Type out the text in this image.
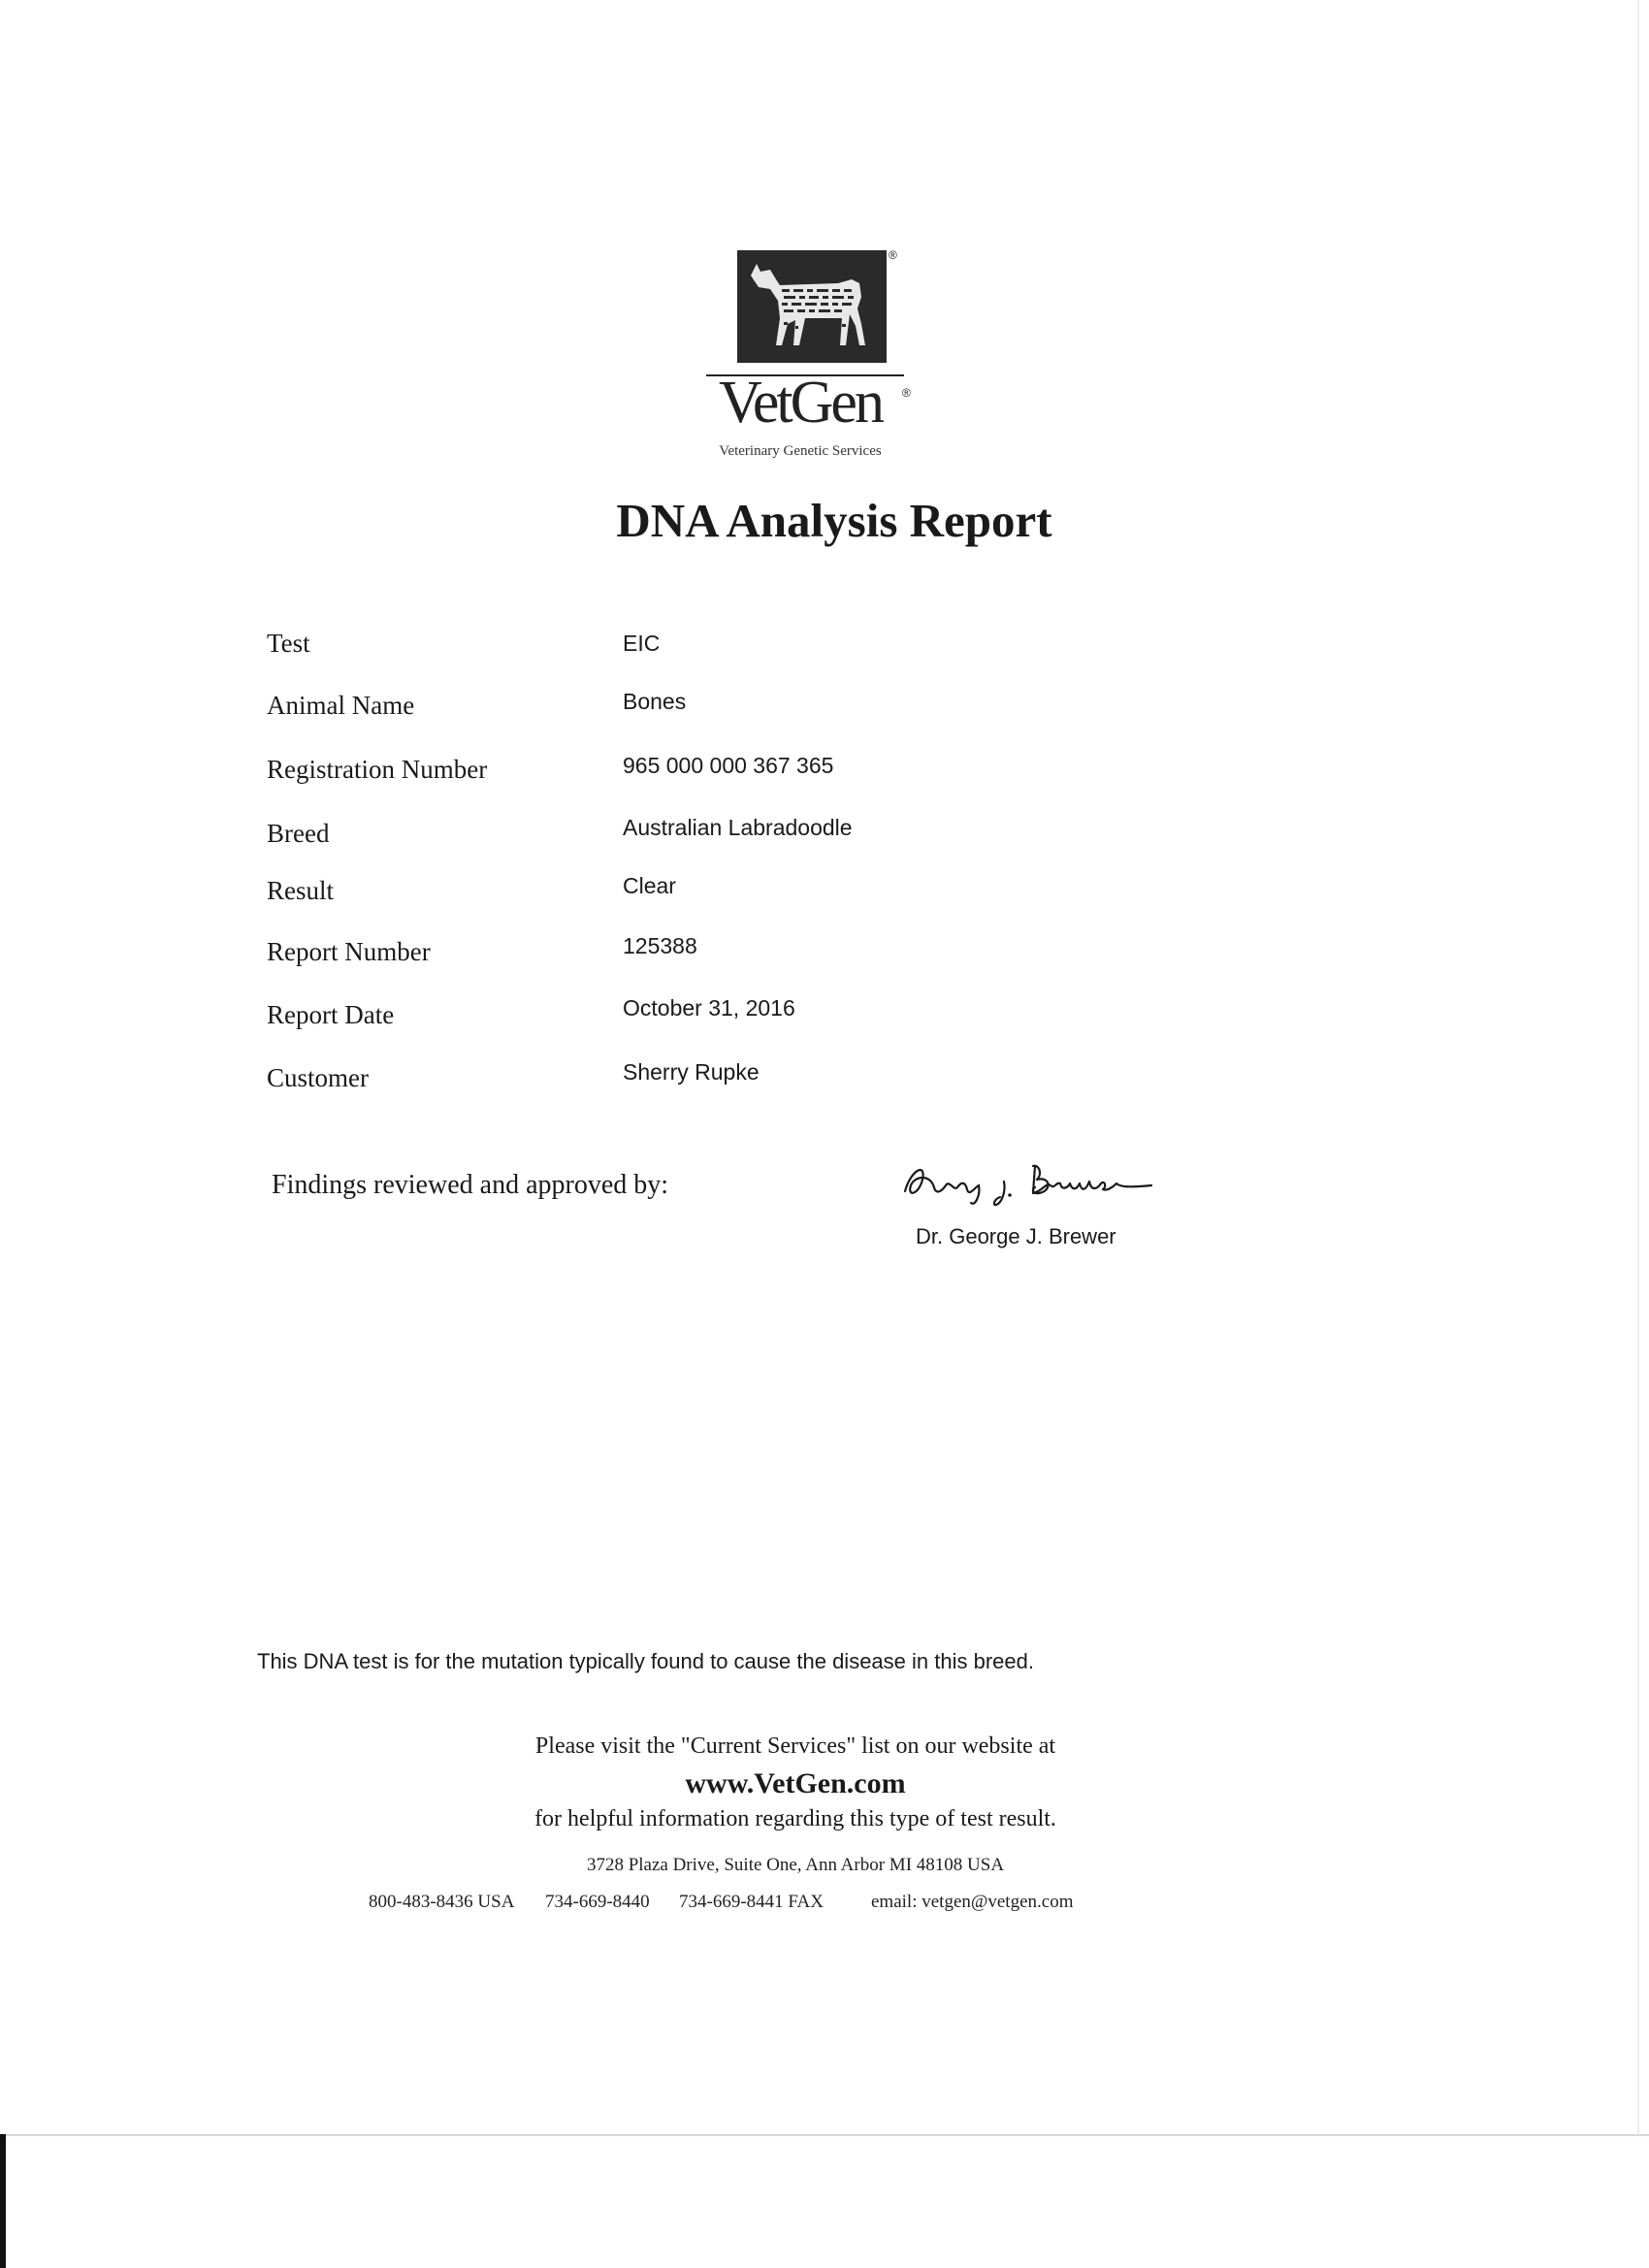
®
VetGen	®
Veterinary Genetic Services
DNA Analysis Report
Test	EIC
Animal Name	Bones
Registration Number	965 000 000 367 365
Breed	Australian Labradoodle
Result	Clear
Report Number	125388
Report Date	October 31, 2016
Customer	Sherry Rupke
Findings reviewed and approved by:
Dr. George J. Brewer
This DNA test is for the mutation typically found to cause the disease in this breed.
Please visit the "Current Services" list on our website at
www.VetGen.com
for helpful information regarding this type of test result.
3728 Plaza Drive, Suite One, Ann Arbor MI 48108 USA
800-483-8436 USA 734-669-8440 734-669-8441 FAX	email: vetgen@vetgen.com
